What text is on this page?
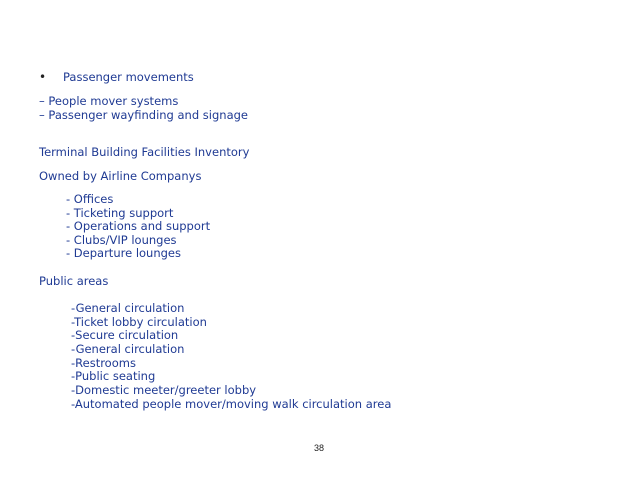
• Passenger movements
– People mover systems
– Passenger wayfinding and signage
Terminal Building Facilities Inventory
Owned by Airline Companys
- Offices
- Ticketing support
- Operations and support
- Clubs/VIP lounges
- Departure lounges
Public areas
-General circulation
-Ticket lobby circulation
-Secure circulation
-General circulation
-Restrooms
-Public seating
-Domestic meeter/greeter lobby
-Automated people mover/moving walk circulation area
38
